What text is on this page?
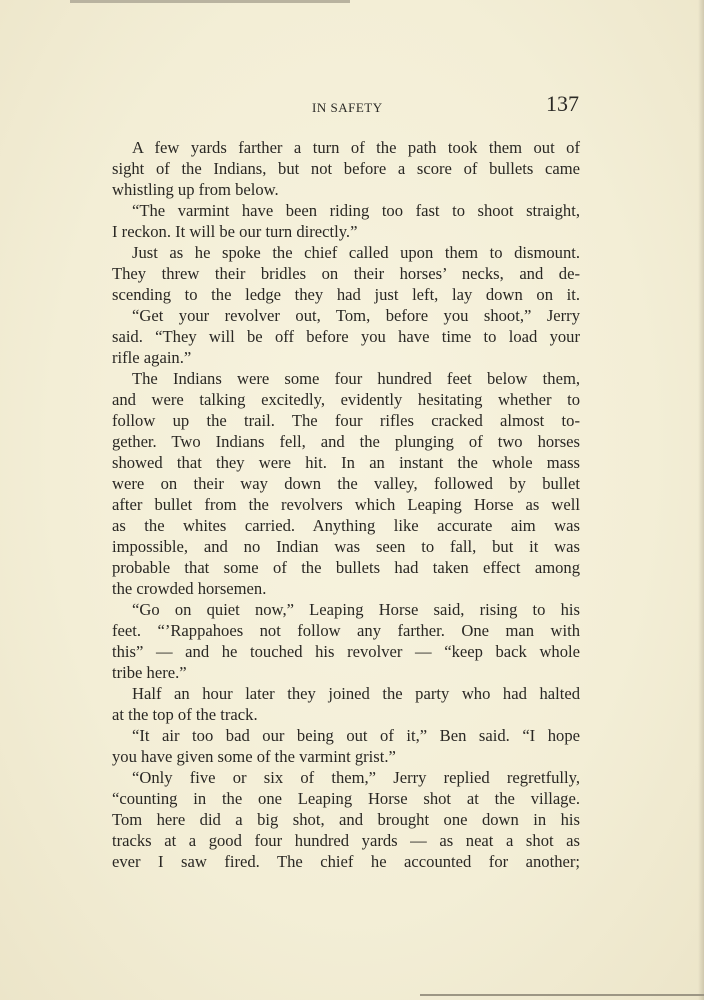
IN SAFETY	137
A few yards farther a turn of the path took them out of
sight of the Indians, but not before a score of bullets came
whistling up from below.
“The varmint have been riding too fast to shoot straight,
I reckon. It will be our turn directly.”
Just as he spoke the chief called upon them to dismount.
They threw their bridles on their horses’ necks, and de-
scending to the ledge they had just left, lay down on it.
“Get your revolver out, Tom, before you shoot,” Jerry
said. “They will be off before you have time to load your
rifle again.”
The Indians were some four hundred feet below them,
and were talking excitedly, evidently hesitating whether to
follow up the trail. The four rifles cracked almost to-
gether. Two Indians fell, and the plunging of two horses
showed that they were hit. In an instant the whole mass
were on their way down the valley, followed by bullet
after bullet from the revolvers which Leaping Horse as well
as the whites carried. Anything like accurate aim was
impossible, and no Indian was seen to fall, but it was
probable that some of the bullets had taken effect among
the crowded horsemen.
“Go on quiet now,” Leaping Horse said, rising to his
feet. “’Rappahoes not follow any farther. One man with
this” — and he touched his revolver — “keep back whole
tribe here.”
Half an hour later they joined the party who had halted
at the top of the track.
“It air too bad our being out of it,” Ben said. “I hope
you have given some of the varmint grist.”
“Only five or six of them,” Jerry replied regretfully,
“counting in the one Leaping Horse shot at the village.
Tom here did a big shot, and brought one down in his
tracks at a good four hundred yards — as neat a shot as
ever I saw fired. The chief he accounted for another;
